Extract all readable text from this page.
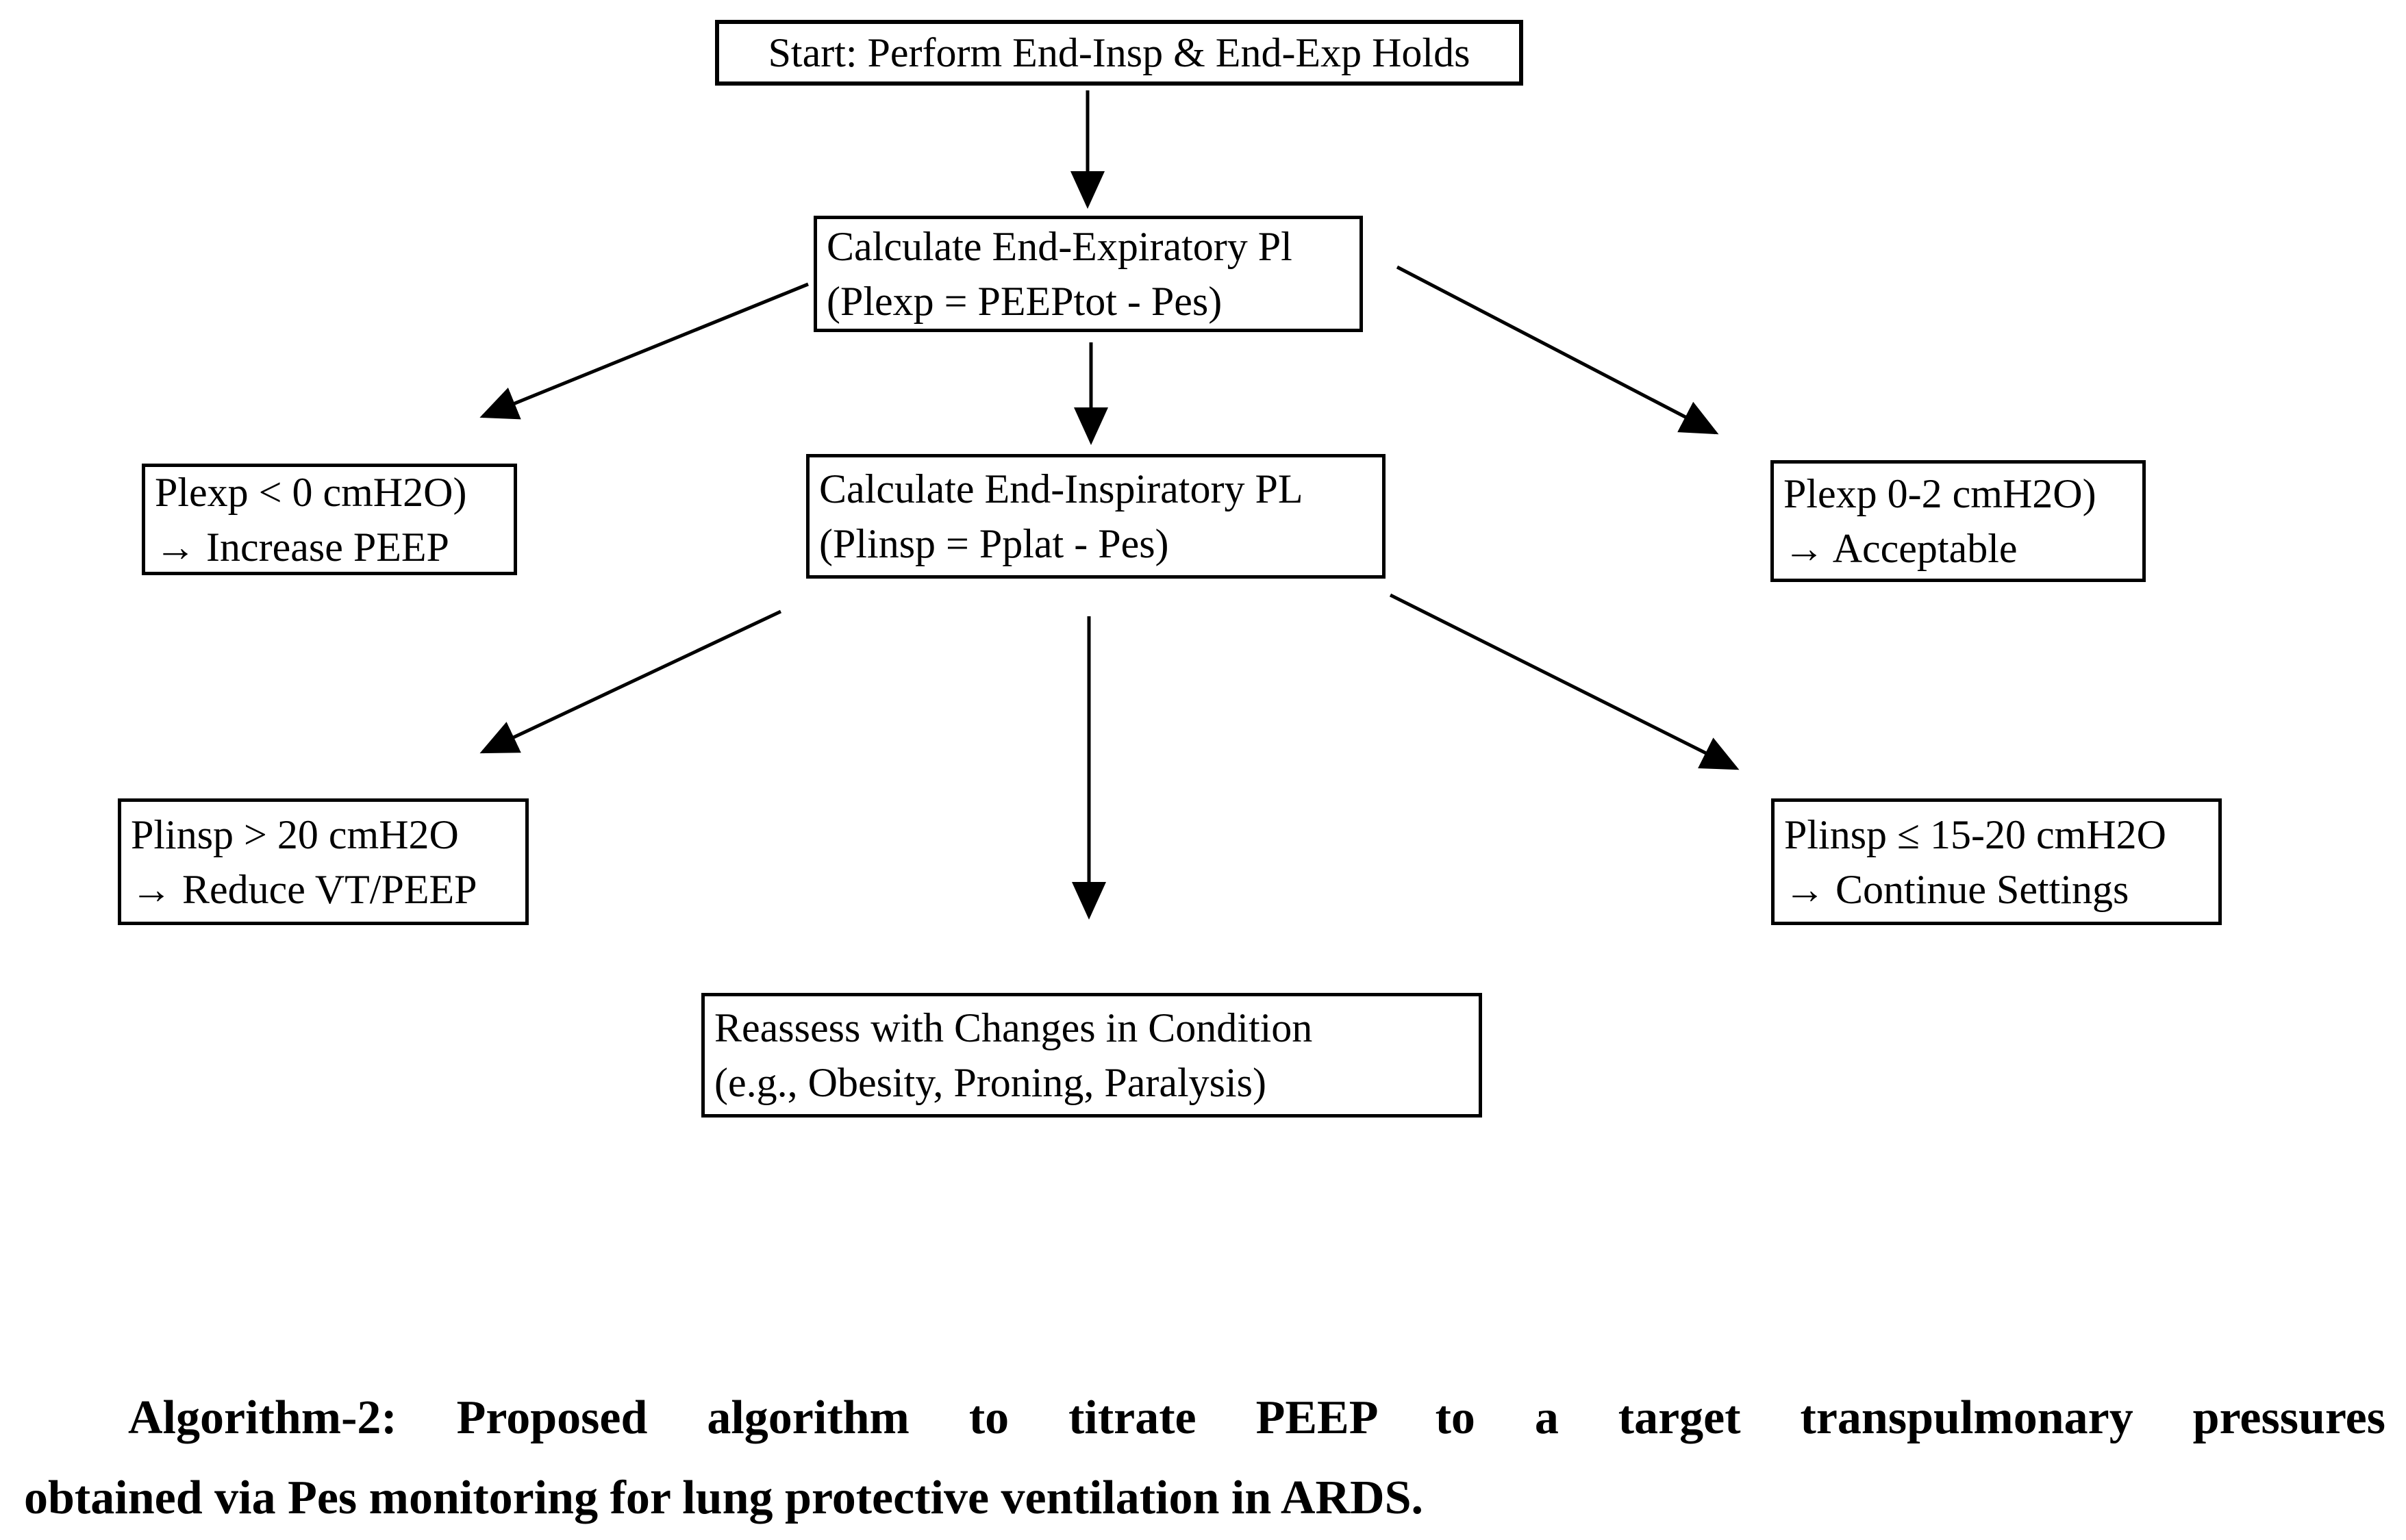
Start: Perform End-Insp & End-Exp Holds
Calculate End-Expiratory Pl
(Plexp = PEEPtot - Pes)
Plexp < 0 cmH2O)
→ Increase PEEP
Calculate End-Inspiratory PL
(Plinsp = Pplat - Pes)
Plexp 0-2 cmH2O)
→ Acceptable
Plinsp > 20 cmH2O
→ Reduce VT/PEEP
Plinsp ≤ 15-20 cmH2O
→ Continue Settings
Reassess with Changes in Condition
(e.g., Obesity, Proning, Paralysis)
Algorithm-2: Proposed algorithm to titrate PEEP to a target transpulmonary pressures
obtained via Pes monitoring for lung protective ventilation in ARDS.
